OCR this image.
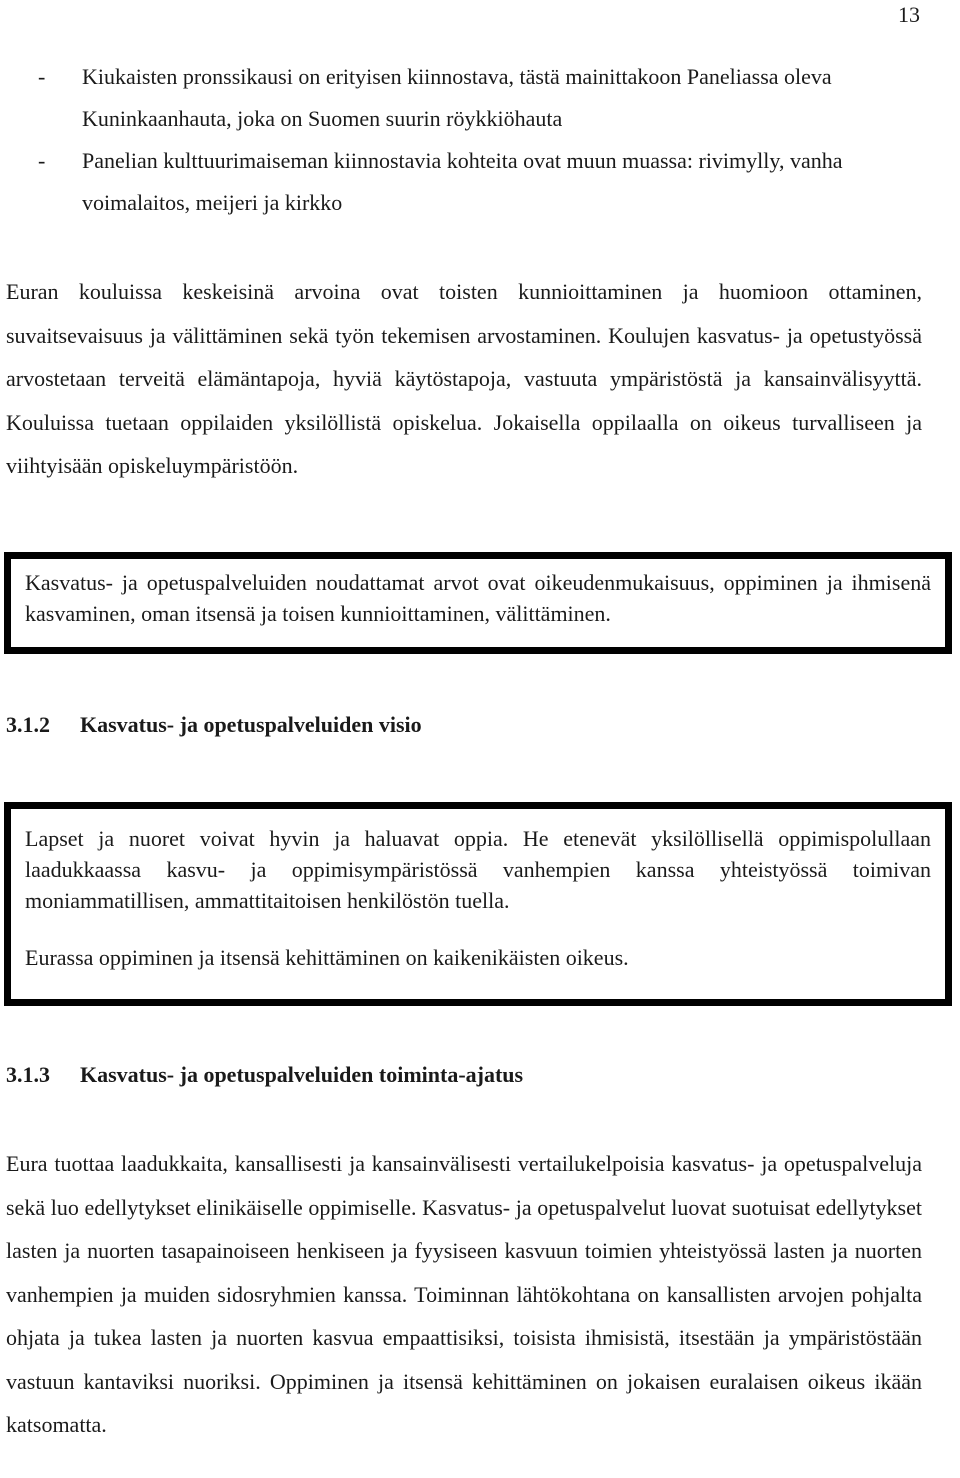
13
-	Kiukaisten pronssikausi on erityisen kiinnostava, tästä mainittakoon Paneliassa oleva Kuninkaanhauta, joka on Suomen suurin röykkiöhauta
-	Panelian kulttuurimaiseman kiinnostavia kohteita ovat muun muassa: rivimylly, vanha voimalaitos, meijeri ja kirkko
Euran kouluissa keskeisinä arvoina ovat toisten kunnioittaminen ja huomioon ottaminen, suvaitsevaisuus ja välittäminen sekä työn tekemisen arvostaminen. Koulujen kasvatus- ja opetustyössä arvostetaan terveitä elämäntapoja, hyviä käytöstapoja, vastuuta ympäristöstä ja kansainvälisyyttä. Kouluissa tuetaan oppilaiden yksilöllistä opiskelua. Jokaisella oppilaalla on oikeus turvalliseen ja viihtyisään opiskeluympäristöön.

Kasvatus- ja opetuspalveluiden noudattamat arvot ovat oikeudenmukaisuus, oppiminen ja ihmisenä kasvaminen, oman itsensä ja toisen kunnioittaminen, välittäminen.

3.1.2	Kasvatus- ja opetuspalveluiden visio

Lapset ja nuoret voivat hyvin ja haluavat oppia. He etenevät yksilöllisellä oppimispolullaan laadukkaassa kasvu- ja oppimisympäristössä vanhempien kanssa yhteistyössä toimivan moniammatillisen, ammattitaitoisen henkilöstön tuella.

Eurassa oppiminen ja itsensä kehittäminen on kaikenikäisten oikeus.

3.1.3	Kasvatus- ja opetuspalveluiden toiminta-ajatus
Eura tuottaa laadukkaita, kansallisesti ja kansainvälisesti vertailukelpoisia kasvatus- ja opetuspalveluja sekä luo edellytykset elinikäiselle oppimiselle. Kasvatus- ja opetuspalvelut luovat suotuisat edellytykset lasten ja nuorten tasapainoiseen henkiseen ja fyysiseen kasvuun toimien yhteistyössä lasten ja nuorten vanhempien ja muiden sidosryhmien kanssa. Toiminnan lähtökohtana on kansallisten arvojen pohjalta ohjata ja tukea lasten ja nuorten kasvua empaattisiksi, toisista ihmisistä, itsestään ja ympäristöstään vastuun kantaviksi nuoriksi. Oppiminen ja itsensä kehittäminen on jokaisen euralaisen oikeus ikään katsomatta.
